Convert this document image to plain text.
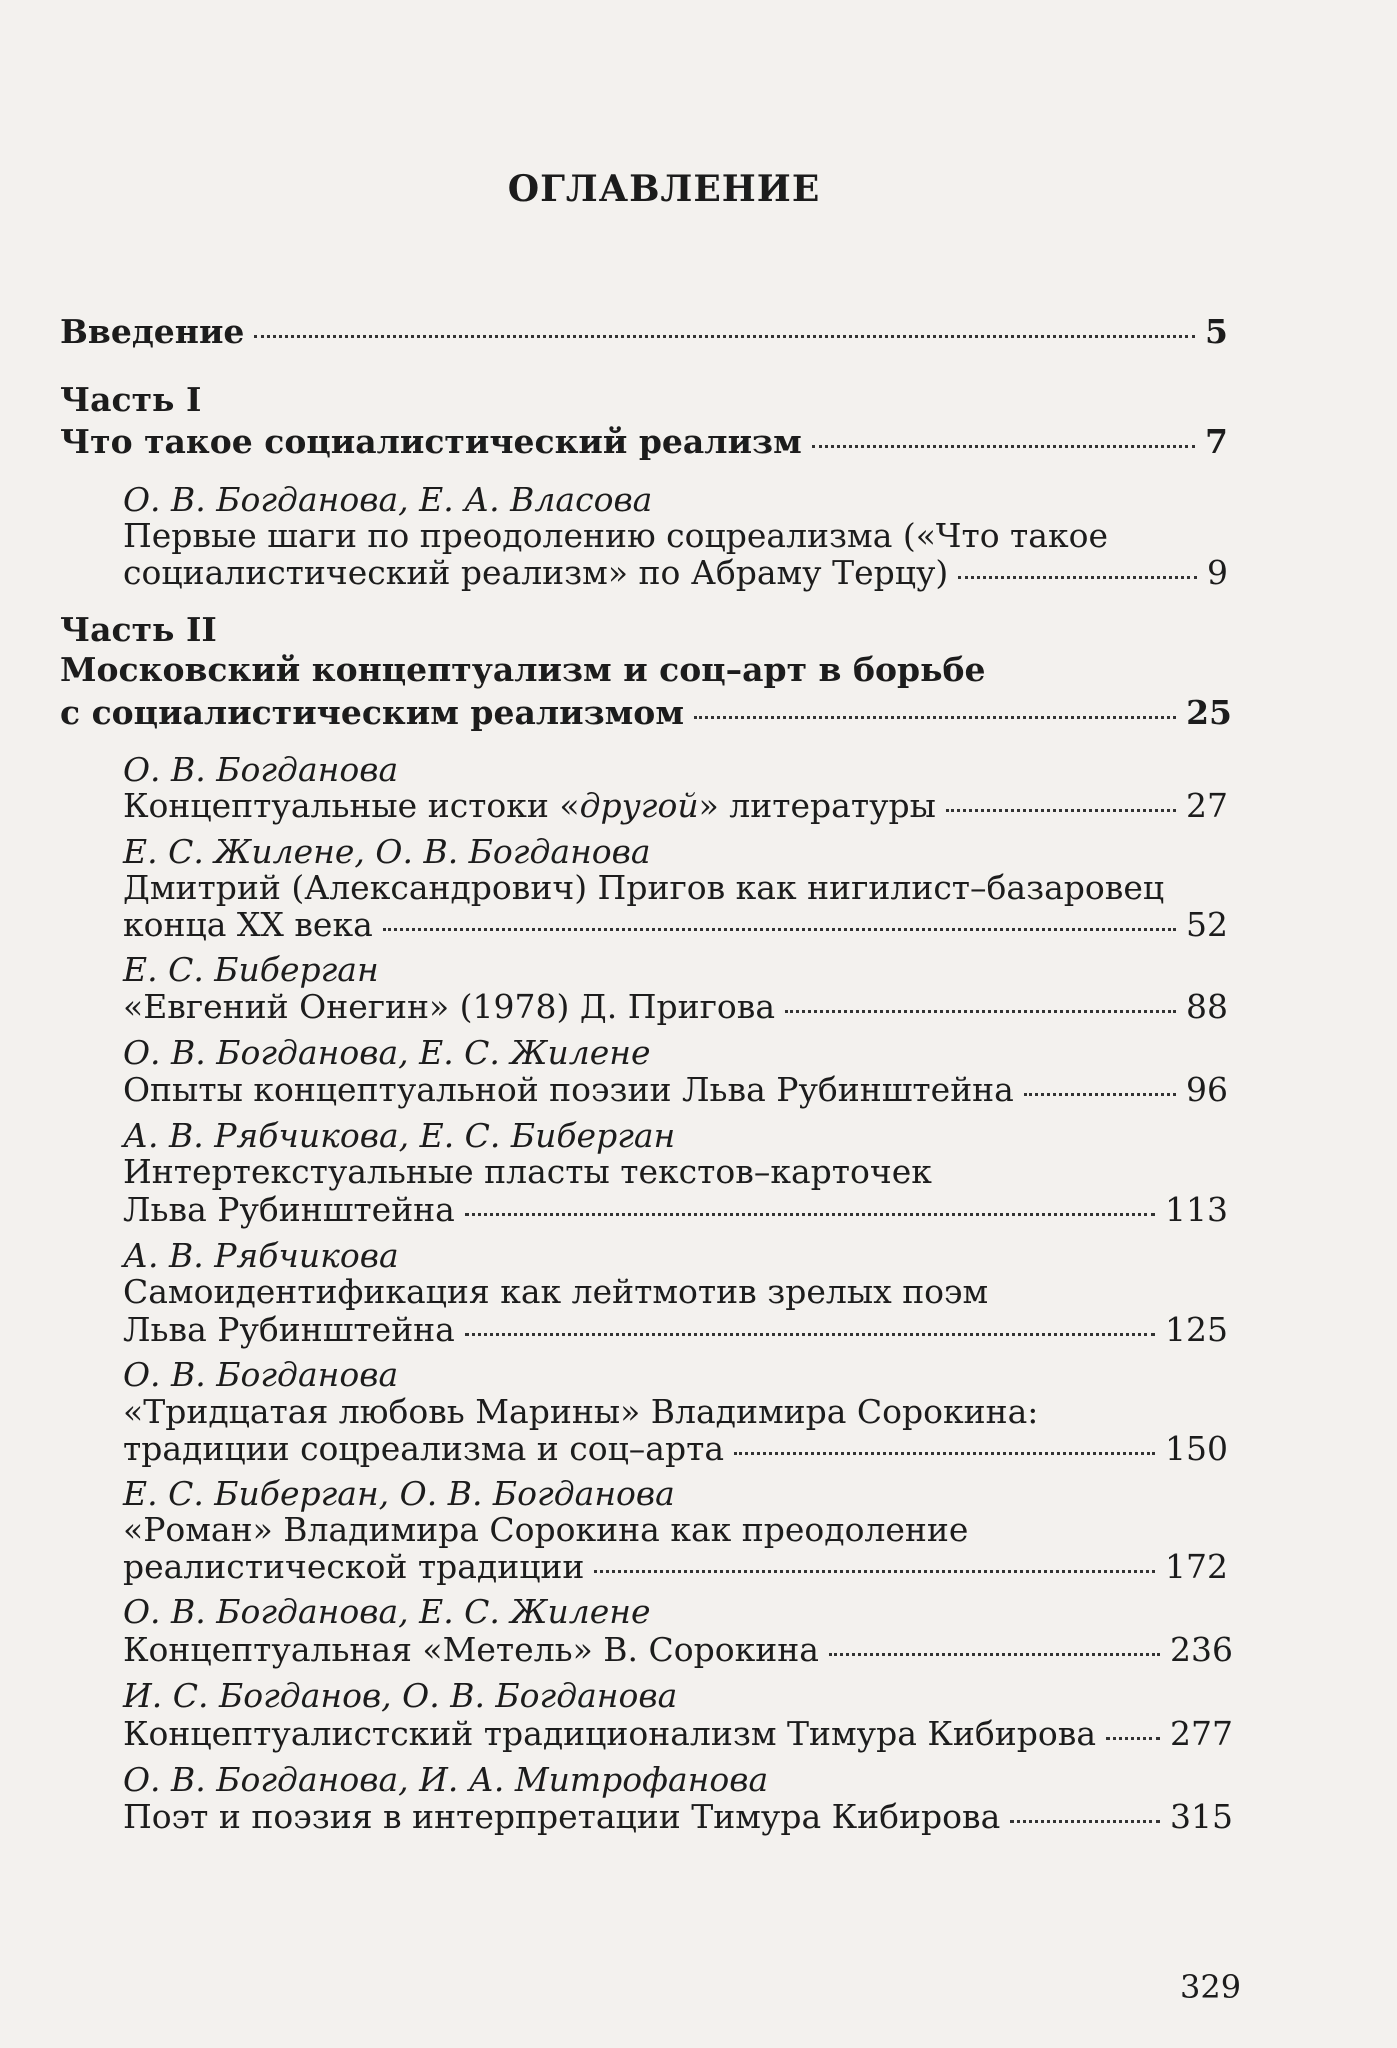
ОГЛАВЛЕНИЕ
Введение	5
Часть I
Что такое социалистический реализм	7
О. В. Богданова, Е. А. Власова
Первые шаги по преодолению соцреализма («Что такое
социалистический реализм» по Абраму Терцу)	9
Часть II
Московский концептуализм и соц–арт в борьбе
с социалистическим реализмом	25
О. В. Богданова
Концептуальные истоки «другой» литературы	27
Е. С. Жилене, О. В. Богданова
Дмитрий (Александрович) Пригов как нигилист–базаровец
конца ХХ века	52
Е. С. Биберган
«Евгений Онегин» (1978) Д. Пригова	88
О. В. Богданова, Е. С. Жилене
Опыты концептуальной поэзии Льва Рубинштейна	96
А. В. Рябчикова, Е. С. Биберган
Интертекстуальные пласты текстов–карточек
Льва Рубинштейна	113
А. В. Рябчикова
Самоидентификация как лейтмотив зрелых поэм
Льва Рубинштейна	125
О. В. Богданова
«Тридцатая любовь Марины» Владимира Сорокина:
традиции соцреализма и соц–арта	150
Е. С. Биберган, О. В. Богданова
«Роман» Владимира Сорокина как преодоление
реалистической традиции	172
О. В. Богданова, Е. С. Жилене
Концептуальная «Метель» В. Сорокина	236
И. С. Богданов, О. В. Богданова
Концептуалистский традиционализм Тимура Кибирова 277
О. В. Богданова, И. А. Митрофанова
Поэт и поэзия в интерпретации Тимура Кибирова	315
329
